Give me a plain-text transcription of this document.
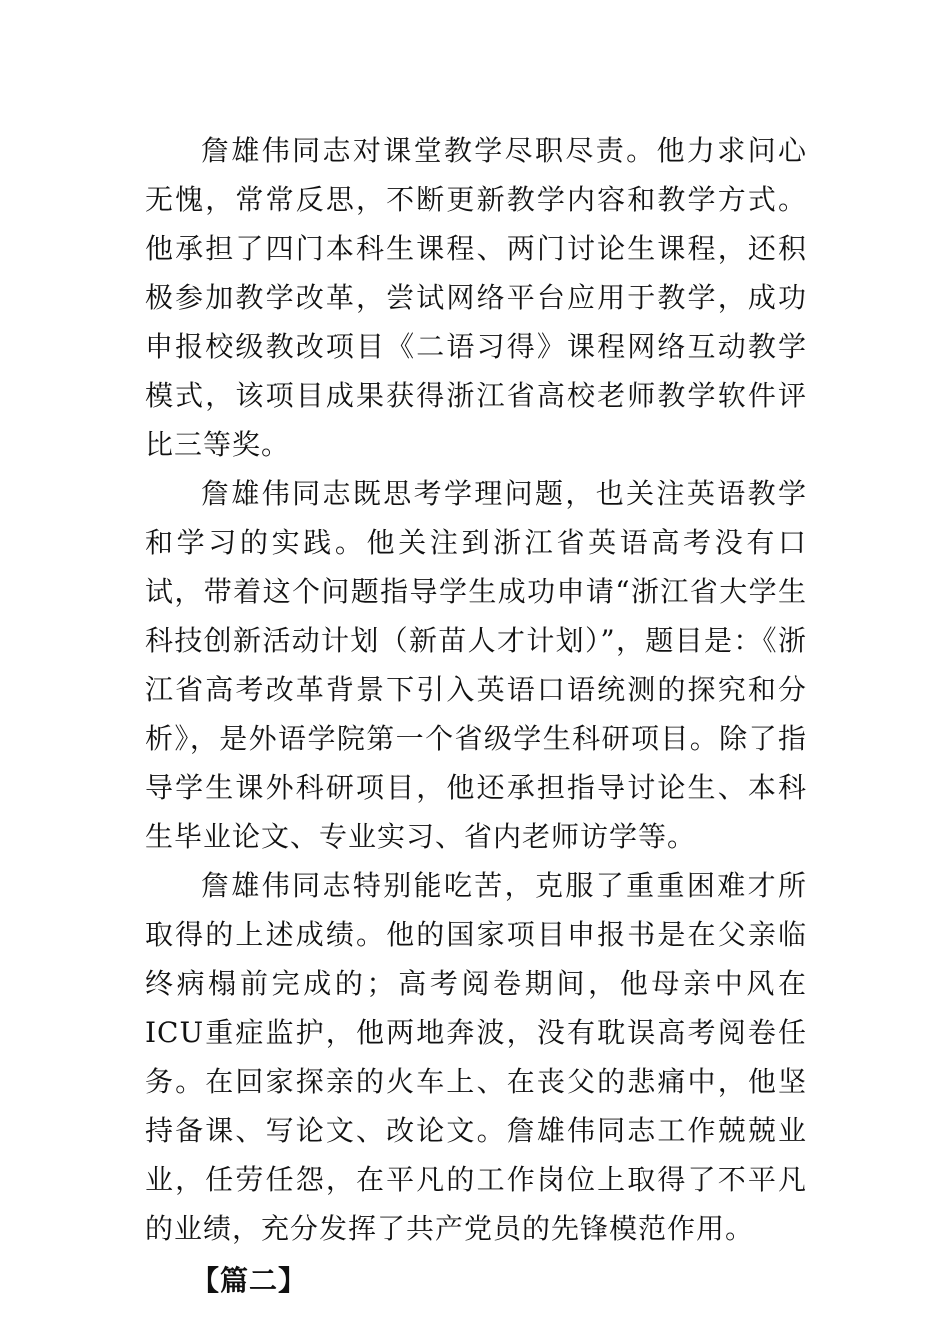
詹雄伟同志对课堂教学尽职尽责。他力求问心无愧，常常反思，不断更新教学内容和教学方式。他承担了四门本科生课程、两门讨论生课程，还积极参加教学改革，尝试网络平台应用于教学，成功申报校级教改项目《二语习得》课程网络互动教学模式，该项目成果获得浙江省高校老师教学软件评比三等奖。

詹雄伟同志既思考学理问题，也关注英语教学和学习的实践。他关注到浙江省英语高考没有口试，带着这个问题指导学生成功申请“浙江省大学生科技创新活动计划（新苗人才计划）”，题目是：《浙江省高考改革背景下引入英语口语统测的探究和分析》，是外语学院第一个省级学生科研项目。除了指导学生课外科研项目，他还承担指导讨论生、本科生毕业论文、专业实习、省内老师访学等。

詹雄伟同志特别能吃苦，克服了重重困难才所取得的上述成绩。他的国家项目申报书是在父亲临终病榻前完成的；高考阅卷期间，他母亲中风在ICU重症监护，他两地奔波，没有耽误高考阅卷任务。在回家探亲的火车上、在丧父的悲痛中，他坚持备课、写论文、改论文。詹雄伟同志工作兢兢业业，任劳任怨，在平凡的工作岗位上取得了不平凡的业绩，充分发挥了共产党员的先锋模范作用。

【篇二】
